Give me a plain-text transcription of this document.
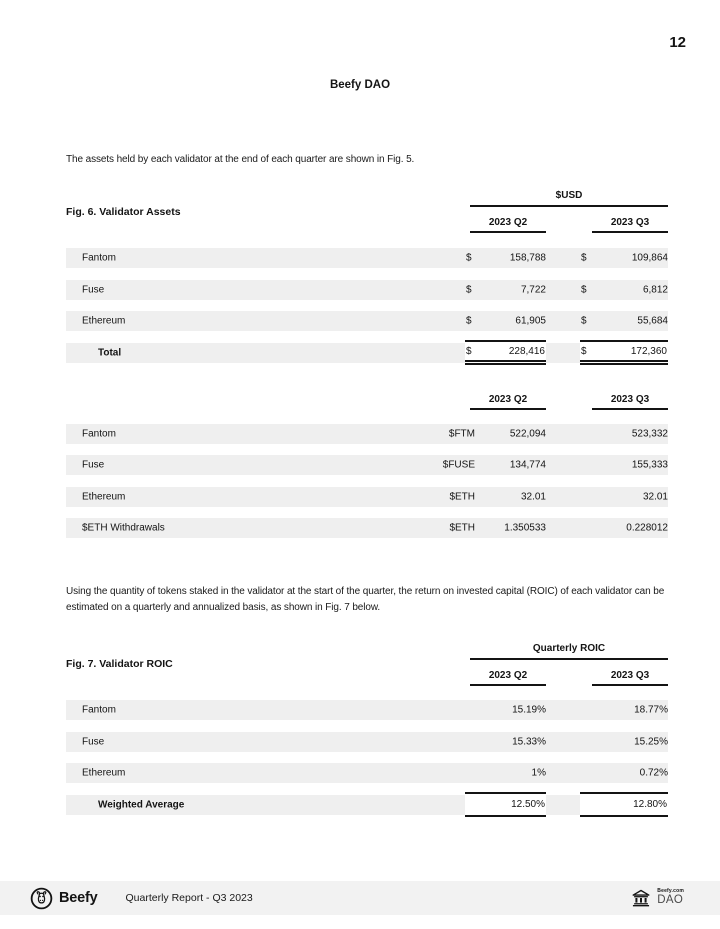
12
Beefy DAO

The assets held by each validator at the end of each quarter are shown in Fig. 5.

Fig. 6. Validator Assets
$USD
2023 Q2	2023 Q3
Fantom	$	158,788	$	109,864
Fuse	$	7,722	$	6,812
Ethereum	$	61,905	$	55,684
Total	$	228,416	$	172,360
2023 Q2	2023 Q3
Fantom	$FTM	522,094	523,332
Fuse	$FUSE	134,774	155,333
Ethereum	$ETH	32.01	32.01
$ETH Withdrawals	$ETH	1.350533	0.228012

Using the quantity of tokens staked in the validator at the start of the quarter, the return on invested capital (ROIC) of each validator can be estimated on a quarterly and annualized basis, as shown in Fig. 7 below.

Fig. 7. Validator ROIC
Quarterly ROIC
2023 Q2	2023 Q3
Fantom	15.19%	18.77%
Fuse	15.33%	15.25%
Ethereum	1%	0.72%
Weighted Average	12.50%	12.80%
Beefy	Quarterly Report - Q3 2023
Beefy.com
DAO
